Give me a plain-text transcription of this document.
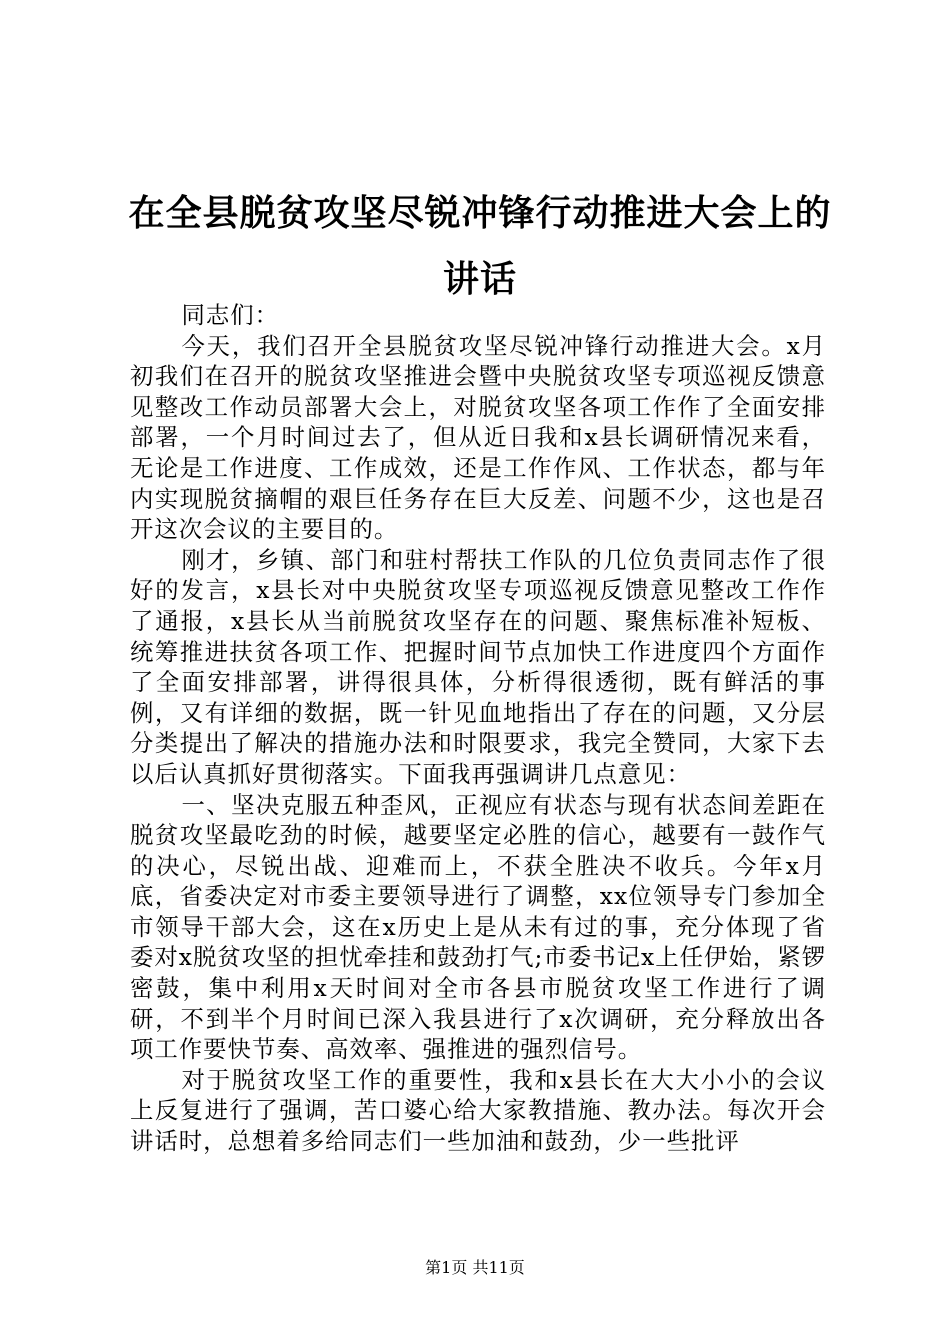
在全县脱贫攻坚尽锐冲锋行动推进大会上的讲话

同志们：

今天，我们召开全县脱贫攻坚尽锐冲锋行动推进大会。x月初我们在召开的脱贫攻坚推进会暨中央脱贫攻坚专项巡视反馈意见整改工作动员部署大会上，对脱贫攻坚各项工作作了全面安排部署，一个月时间过去了，但从近日我和x县长调研情况来看，无论是工作进度、工作成效，还是工作作风、工作状态，都与年内实现脱贫摘帽的艰巨任务存在巨大反差、问题不少，这也是召开这次会议的主要目的。

刚才，乡镇、部门和驻村帮扶工作队的几位负责同志作了很好的发言，x县长对中央脱贫攻坚专项巡视反馈意见整改工作作了通报，x县长从当前脱贫攻坚存在的问题、聚焦标准补短板、统筹推进扶贫各项工作、把握时间节点加快工作进度四个方面作了全面安排部署，讲得很具体，分析得很透彻，既有鲜活的事例，又有详细的数据，既一针见血地指出了存在的问题，又分层分类提出了解决的措施办法和时限要求，我完全赞同，大家下去以后认真抓好贯彻落实。下面我再强调讲几点意见：

一、坚决克服五种歪风，正视应有状态与现有状态间差距在脱贫攻坚最吃劲的时候，越要坚定必胜的信心，越要有一鼓作气的决心，尽锐出战、迎难而上，不获全胜决不收兵。今年x月底，省委决定对市委主要领导进行了调整，xx位领导专门参加全市领导干部大会，这在x历史上是从未有过的事，充分体现了省委对x脱贫攻坚的担忧牵挂和鼓劲打气;市委书记x上任伊始，紧锣密鼓，集中利用x天时间对全市各县市脱贫攻坚工作进行了调研，不到半个月时间已深入我县进行了x次调研，充分释放出各项工作要快节奏、高效率、强推进的强烈信号。

对于脱贫攻坚工作的重要性，我和x县长在大大小小的会议上反复进行了强调，苦口婆心给大家教措施、教办法。每次开会讲话时，总想着多给同志们一些加油和鼓劲，少一些批评

第1页 共11页
